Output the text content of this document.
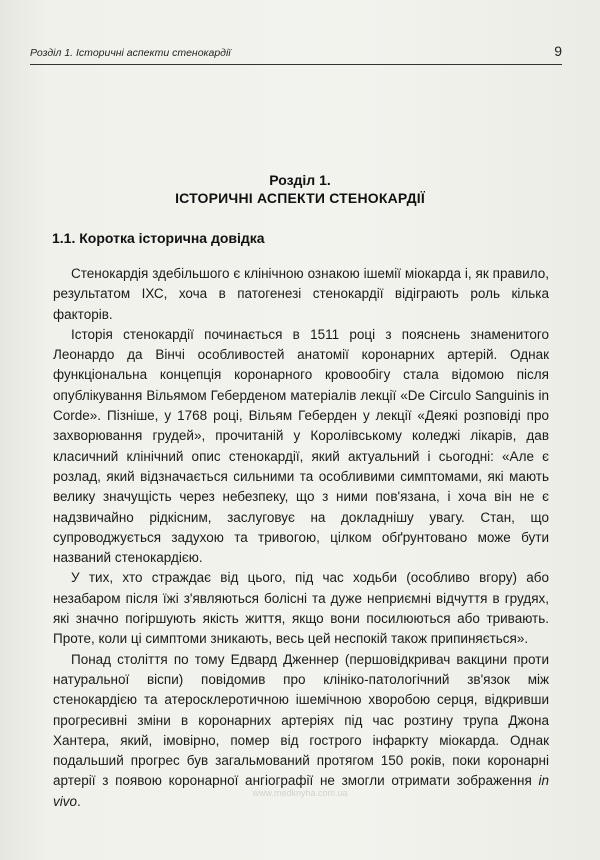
Розділ 1. Історичні аспекти стенокардії	9
Розділ 1.
ІСТОРИЧНІ АСПЕКТИ СТЕНОКАРДІЇ
1.1. Коротка історична довідка

Стенокардія здебільшого є клінічною ознакою ішемії міокарда і, як правило, результатом ІХС, хоча в патогенезі стенокардії відіграють роль кілька факторів.

Історія стенокардії починається в 1511 році з пояснень знаменитого Леонардо да Вінчі особливостей анатомії коронарних артерій. Однак функціональна концепція коронарного кровообігу стала відомою після опублікування Вільямом Геберденом матеріалів лекції «De Circulo Sanguinis in Corde». Пізніше, у 1768 році, Вільям Геберден у лекції «Деякі розповіді про захворювання грудей», прочитаній у Королівському коледжі лікарів, дав класичний клінічний опис стенокардії, який актуальний і сьогодні: «Але є розлад, який відзначається сильними та особливими симптомами, які мають велику значущість через небезпеку, що з ними пов'язана, і хоча він не є надзвичайно рідкісним, заслуговує на докладнішу увагу. Стан, що супроводжується задухою та тривогою, цілком обґрунтовано може бути названий стенокардією.

У тих, хто страждає від цього, під час ходьби (особливо вгору) або незабаром після їжі з'являються болісні та дуже неприємні відчуття в грудях, які значно погіршують якість життя, якщо вони посилюються або тривають. Проте, коли ці симптоми зникають, весь цей неспокій також припиняється».

Понад століття по тому Едвард Дженнер (першовідкривач вакцини проти натуральної віспи) повідомив про клініко-патологічний зв'язок між стенокардією та атеросклеротичною ішемічною хворобою серця, відкривши прогресивні зміни в коронарних артеріях під час розтину трупа Джона Хантера, який, імовірно, помер від гострого інфаркту міокарда. Однак подальший прогрес був загальмований протягом 150 років, поки коронарні артерії з появою коронарної ангіографії не змогли отримати зображення in vivo.

www.medknyha.com.ua
